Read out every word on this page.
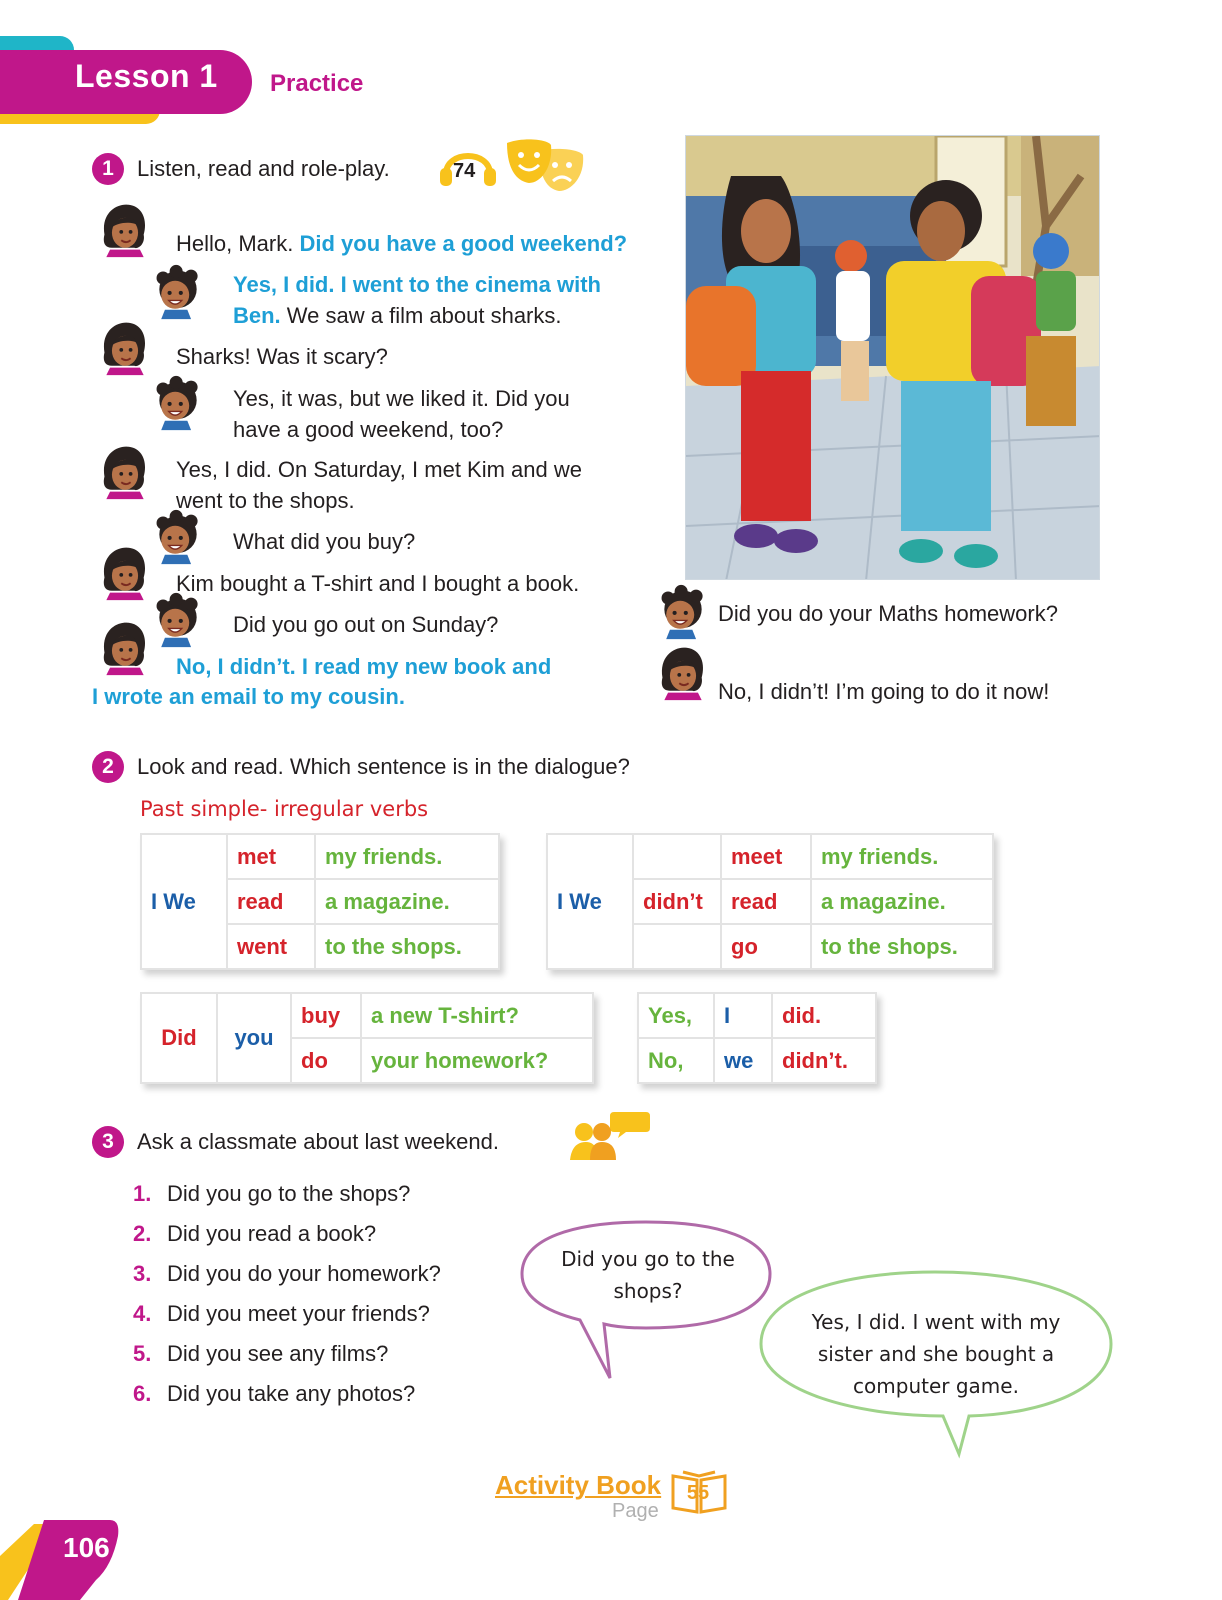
Lesson 1 Practice
1	Listen, read and role-play.	74
Hello, Mark. Did you have a good weekend?
Yes, I did. I went to the cinema with
Ben. We saw a film about sharks.
Sharks! Was it scary?
Yes, it was, but we liked it. Did you
have a good weekend, too?
Yes, I did. On Saturday, I met Kim and we
went to the shops.
What did you buy?
Kim bought a T-shirt and I bought a book.
Did you go out on Sunday?
No, I didn’t. I read my new book and
I wrote an email to my cousin.
Did you do your Maths homework?
No, I didn’t! I’m going to do it now!
2	Look and read. Which sentence is in the dialogue?
Past simple- irregular verbs
I We	met	my friends.
	read	a magazine.
	went	to the shops.
I We		meet	my friends.
	didn’t	read	a magazine.
		go	to the shops.
Did	you	buy	a new T-shirt?
		do	your homework?
Yes,	I	did.
No,	we	didn’t.
3	Ask a classmate about last weekend.
1. Did you go to the shops?
2. Did you read a book?
3. Did you do your homework?
4. Did you meet your friends?
5. Did you see any films?
6. Did you take any photos?
Did you go to the
shops?
Yes, I did. I went with my
sister and she bought a
computer game.
Activity Book
Page
55
106
